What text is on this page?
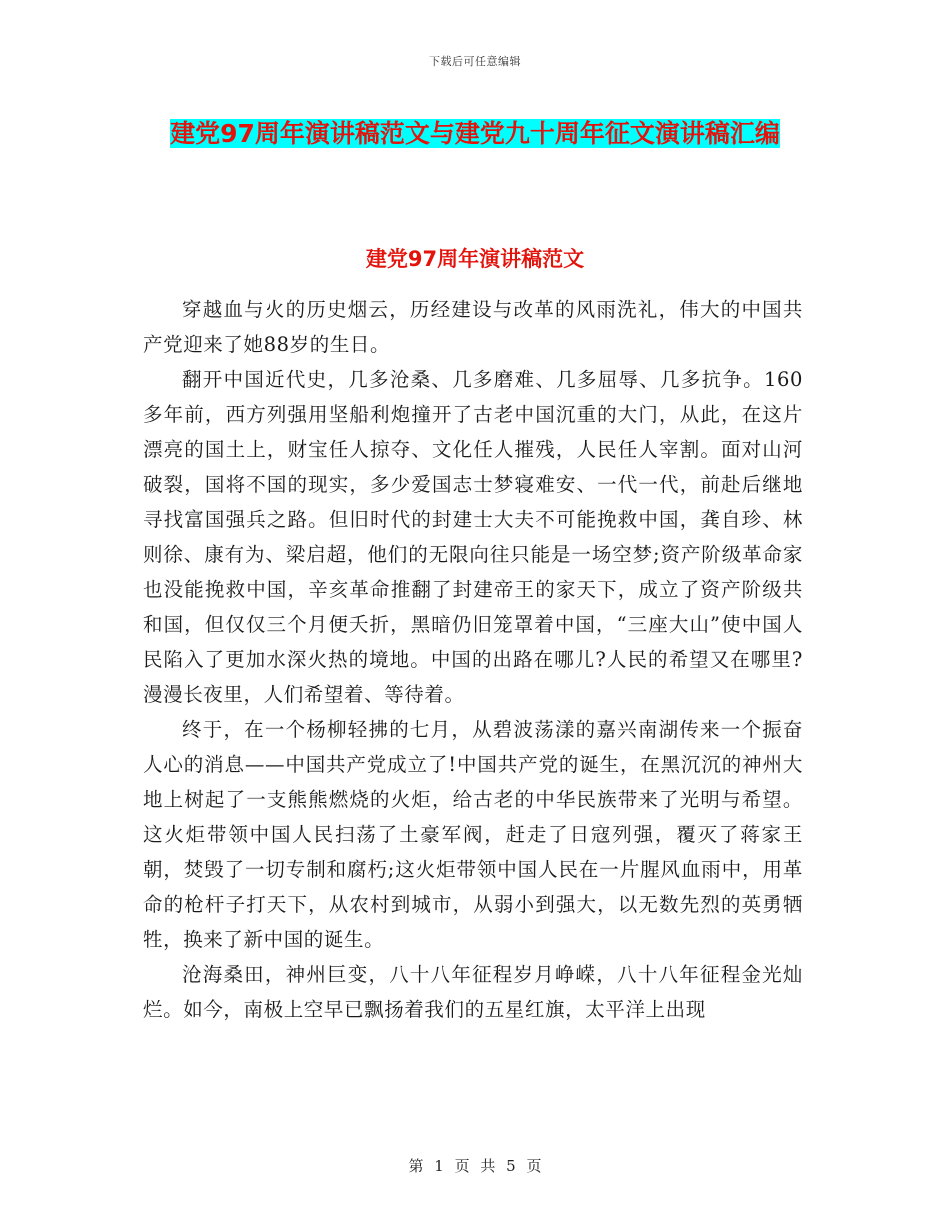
下载后可任意编辑
建党97周年演讲稿范文与建党九十周年征文演讲稿汇编
建党97周年演讲稿范文

穿越血与火的历史烟云，历经建设与改革的风雨洗礼，伟大的中国共产党迎来了她88岁的生日。

翻开中国近代史，几多沧桑、几多磨难、几多屈辱、几多抗争。160多年前，西方列强用坚船利炮撞开了古老中国沉重的大门，从此，在这片漂亮的国土上，财宝任人掠夺、文化任人摧残，人民任人宰割。面对山河破裂，国将不国的现实，多少爱国志士梦寝难安、一代一代，前赴后继地寻找富国强兵之路。但旧时代的封建士大夫不可能挽救中国，龚自珍、林则徐、康有为、梁启超，他们的无限向往只能是一场空梦;资产阶级革命家也没能挽救中国，辛亥革命推翻了封建帝王的家天下，成立了资产阶级共和国，但仅仅三个月便夭折，黑暗仍旧笼罩着中国，“三座大山”使中国人民陷入了更加水深火热的境地。中国的出路在哪儿?人民的希望又在哪里?漫漫长夜里，人们希望着、等待着。

终于，在一个杨柳轻拂的七月，从碧波荡漾的嘉兴南湖传来一个振奋人心的消息——中国共产党成立了!中国共产党的诞生，在黑沉沉的神州大地上树起了一支熊熊燃烧的火炬，给古老的中华民族带来了光明与希望。这火炬带领中国人民扫荡了土豪军阀，赶走了日寇列强，覆灭了蒋家王朝，焚毁了一切专制和腐朽;这火炬带领中国人民在一片腥风血雨中，用革命的枪杆子打天下，从农村到城市，从弱小到强大，以无数先烈的英勇牺牲，换来了新中国的诞生。

沧海桑田，神州巨变，八十八年征程岁月峥嵘，八十八年征程金光灿烂。如今，南极上空早已飘扬着我们的五星红旗，太平洋上出现

第 1 页 共 5 页
